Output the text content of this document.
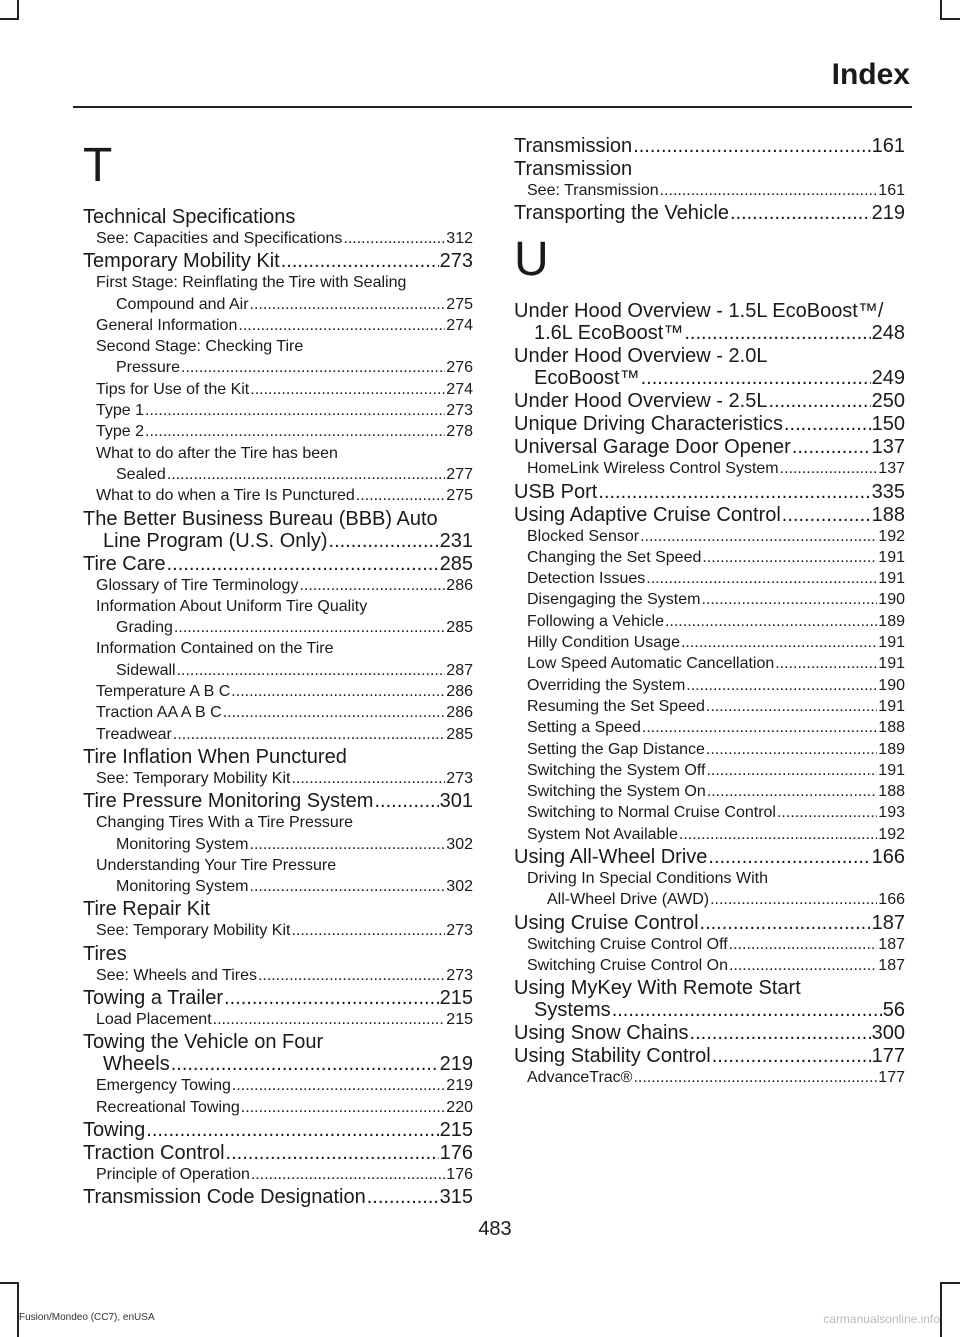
Index
T
Technical Specifications
See: Capacities and Specifications .....	312
Temporary Mobility Kit .....	273
First Stage: Reinflating the Tire with Sealing
Compound and Air .....	275
General Information .....	274
Second Stage: Checking Tire
Pressure .....	276
Tips for Use of the Kit .....	274
Type 1 .....	273
Type 2 .....	278
What to do after the Tire has been
Sealed .....	277
What to do when a Tire Is Punctured .....	275
The Better Business Bureau (BBB) Auto
Line Program (U.S. Only) .....	231
Tire Care .....	285
Glossary of Tire Terminology .....	286
Information About Uniform Tire Quality
Grading .....	285
Information Contained on the Tire
Sidewall .....	287
Temperature A B C .....	286
Traction AA A B C .....	286
Treadwear .....	285
Tire Inflation When Punctured
See: Temporary Mobility Kit .....	273
Tire Pressure Monitoring System .....	301
Changing Tires With a Tire Pressure
Monitoring System .....	302
Understanding Your Tire Pressure
Monitoring System .....	302
Tire Repair Kit
See: Temporary Mobility Kit .....	273
Tires
See: Wheels and Tires .....	273
Towing a Trailer .....	215
Load Placement .....	215
Towing the Vehicle on Four
Wheels .....	219
Emergency Towing .....	219
Recreational Towing .....	220
Towing .....	215
Traction Control .....	176
Principle of Operation .....	176
Transmission Code Designation .....	315
Transmission .....	161
Transmission
See: Transmission .....	161
Transporting the Vehicle .....	219
U
Under Hood Overview - 1.5L EcoBoost™/
1.6L EcoBoost™ .....	248
Under Hood Overview - 2.0L
EcoBoost™ .....	249
Under Hood Overview - 2.5L .....	250
Unique Driving Characteristics .....	150
Universal Garage Door Opener .....	137
HomeLink Wireless Control System .....	137
USB Port .....	335
Using Adaptive Cruise Control .....	188
Blocked Sensor .....	192
Changing the Set Speed .....	191
Detection Issues .....	191
Disengaging the System .....	190
Following a Vehicle .....	189
Hilly Condition Usage .....	191
Low Speed Automatic Cancellation .....	191
Overriding the System .....	190
Resuming the Set Speed .....	191
Setting a Speed .....	188
Setting the Gap Distance .....	189
Switching the System Off .....	191
Switching the System On .....	188
Switching to Normal Cruise Control .....	193
System Not Available .....	192
Using All-Wheel Drive .....	166
Driving In Special Conditions With
All-Wheel Drive (AWD) .....	166
Using Cruise Control .....	187
Switching Cruise Control Off .....	187
Switching Cruise Control On .....	187
Using MyKey With Remote Start
Systems .....	56
Using Snow Chains .....	300
Using Stability Control .....	177
AdvanceTrac® .....	177
483
Fusion/Mondeo (CC7), enUSA	carmanualsonline.info
